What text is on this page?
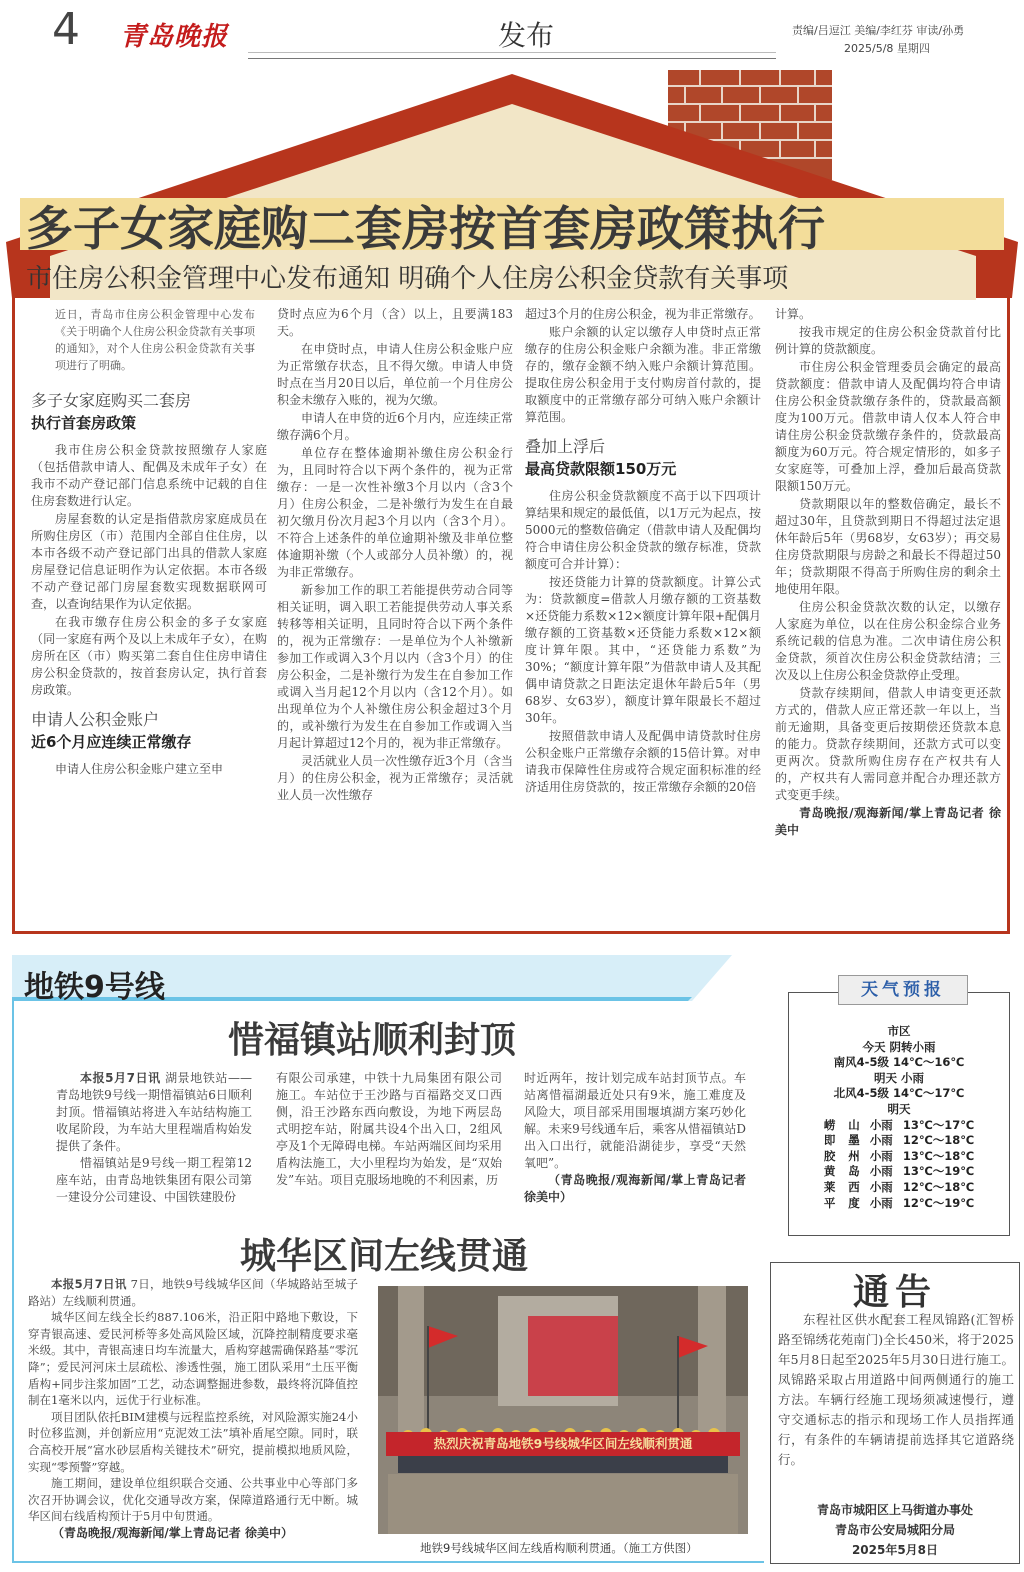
4 青岛晚报	发布	责编/吕逗江 美编/李红芬 审读/孙勇
2025/5/8 星期四
多子女家庭购二套房按首套房政策执行
市住房公积金管理中心发布通知 明确个人住房公积金贷款有关事项

近日，青岛市住房公积金管理中心发布《关于明确个人住房公积金贷款有关事项的通知》，对个人住房公积金贷款有关事项进行了明确。

多子女家庭购买二套房
执行首套房政策

我市住房公积金贷款按照缴存人家庭（包括借款申请人、配偶及未成年子女）在我市不动产登记部门信息系统中记载的自住住房套数进行认定。

房屋套数的认定是指借款房家庭成员在所购住房区（市）范围内全部自住住房，以本市各级不动产登记部门出具的借款人家庭房屋登记信息证明作为认定依据。本市各级不动产登记部门房屋套数实现数据联网可查，以查询结果作为认定依据。

在我市缴存住房公积金的多子女家庭（同一家庭有两个及以上未成年子女），在购房所在区（市）购买第二套自住住房申请住房公积金贷款的，按首套房认定，执行首套房政策。

申请人公积金账户
近6个月应连续正常缴存

申请人住房公积金账户建立至申

贷时点应为6个月（含）以上，且要满183天。

在申贷时点，申请人住房公积金账户应为正常缴存状态，且不得欠缴。申请人申贷时点在当月20日以后，单位前一个月住房公积金未缴存入账的，视为欠缴。

申请人在申贷的近6个月内，应连续正常缴存满6个月。

单位存在整体逾期补缴住房公积金行为，且同时符合以下两个条件的，视为正常缴存：一是一次性补缴3个月以内（含3个月）住房公积金，二是补缴行为发生在自最初欠缴月份次月起3个月以内（含3个月）。不符合上述条件的单位逾期补缴及非单位整体逾期补缴（个人或部分人员补缴）的，视为非正常缴存。

新参加工作的职工若能提供劳动合同等相关证明，调入职工若能提供劳动人事关系转移等相关证明，且同时符合以下两个条件的，视为正常缴存：一是单位为个人补缴新参加工作或调入3个月以内（含3个月）的住房公积金，二是补缴行为发生在自参加工作或调入当月起12个月以内（含12个月）。如出现单位为个人补缴住房公积金超过3个月的，或补缴行为发生在自参加工作或调入当月起计算超过12个月的，视为非正常缴存。

灵活就业人员一次性缴存近3个月（含当月）的住房公积金，视为正常缴存；灵活就业人员一次性缴存

超过3个月的住房公积金，视为非正常缴存。

账户余额的认定以缴存人申贷时点正常缴存的住房公积金账户余额为准。非正常缴存的，缴存金额不纳入账户余额计算范围。提取住房公积金用于支付购房首付款的，提取额度中的正常缴存部分可纳入账户余额计算范围。

叠加上浮后
最高贷款限额150万元

住房公积金贷款额度不高于以下四项计算结果和规定的最低值，以1万元为起点，按5000元的整数倍确定（借款申请人及配偶均符合申请住房公积金贷款的缴存标准，贷款额度可合并计算）：

按还贷能力计算的贷款额度。计算公式为：贷款额度=借款人月缴存额的工资基数×还贷能力系数×12×额度计算年限+配偶月缴存额的工资基数×还贷能力系数×12×额度计算年限。其中，“还贷能力系数”为30%；“额度计算年限”为借款申请人及其配偶申请贷款之日距法定退休年龄后5年（男68岁、女63岁），额度计算年限最长不超过30年。

按照借款申请人及配偶申请贷款时住房公积金账户正常缴存余额的15倍计算。对申请我市保障性住房或符合规定面积标准的经济适用住房贷款的，按正常缴存余额的20倍

计算。

按我市规定的住房公积金贷款首付比例计算的贷款额度。

市住房公积金管理委员会确定的最高贷款额度：借款申请人及配偶均符合申请住房公积金贷款缴存条件的，贷款最高额度为100万元。借款申请人仅本人符合申请住房公积金贷款缴存条件的，贷款最高额度为60万元。符合规定情形的，如多子女家庭等，可叠加上浮，叠加后最高贷款限额150万元。

贷款期限以年的整数倍确定，最长不超过30年，且贷款到期日不得超过法定退休年龄后5年（男68岁，女63岁）；再交易住房贷款期限与房龄之和最长不得超过50年；贷款期限不得高于所购住房的剩余土地使用年限。

住房公积金贷款次数的认定，以缴存人家庭为单位，以在住房公积金综合业务系统记载的信息为准。二次申请住房公积金贷款，须首次住房公积金贷款结清；三次及以上住房公积金贷款停止受理。

贷款存续期间，借款人申请变更还款方式的，借款人应正常还款一年以上，当前无逾期，具备变更后按期偿还贷款本息的能力。贷款存续期间，还款方式可以变更两次。贷款所购住房存在产权共有人的，产权共有人需同意并配合办理还款方式变更手续。

青岛晚报/观海新闻/掌上青岛记者 徐美中

地铁9号线
惜福镇站顺利封顶

本报5月7日讯 湖景地铁站——青岛地铁9号线一期惜福镇站6日顺利封顶。惜福镇站将进入车站结构施工收尾阶段，为车站大里程端盾构始发提供了条件。

惜福镇站是9号线一期工程第12座车站，由青岛地铁集团有限公司第一建设分公司建设、中国铁建股份

有限公司承建，中铁十九局集团有限公司施工。车站位于王沙路与百福路交叉口西侧，沿王沙路东西向敷设，为地下两层岛式明挖车站，附属共设4个出入口，2组风亭及1个无障碍电梯。车站两端区间均采用盾构法施工，大小里程均为始发，是“双始发”车站。项目克服场地晚的不利因素，历

时近两年，按计划完成车站封顶节点。车站离惜福湖最近处只有9米，施工难度及风险大，项目部采用围堰填湖方案巧妙化解。未来9号线通车后，乘客从惜福镇站D出入口出行，就能沿湖徒步，享受“天然氧吧”。

（青岛晚报/观海新闻/掌上青岛记者 徐美中）

城华区间左线贯通

本报5月7日讯 7日，地铁9号线城华区间（华城路站至城子路站）左线顺利贯通。

城华区间左线全长约887.106米，沿正阳中路地下敷设，下穿青银高速、爱民河桥等多处高风险区域，沉降控制精度要求毫米级。其中，青银高速日均车流量大，盾构穿越需确保路基“零沉降”；爱民河河床土层疏松、渗透性强，施工团队采用“土压平衡盾构+同步注浆加固”工艺，动态调整掘进参数，最终将沉降值控制在1毫米以内，远优于行业标准。

项目团队依托BIM建模与远程监控系统，对风险源实施24小时位移监测，并创新应用“克泥效工法”填补盾尾空隙。同时，联合高校开展“富水砂层盾构关键技术”研究，提前模拟地质风险，实现“零预警”穿越。

施工期间，建设单位组织联合交通、公共事业中心等部门多次召开协调会议，优化交通导改方案，保障道路通行无中断。城华区间右线盾构预计于5月中旬贯通。

（青岛晚报/观海新闻/掌上青岛记者 徐美中）

热烈庆祝青岛地铁9号线城华区间左线顺利贯通
地铁9号线城华区间左线盾构顺利贯通。（施工方供图）
天气预报
市区
今天 阴转小雨
南风4-5级 14℃～16℃
明天 小雨
北风4-5级 14℃～17℃
明天
崂山 小雨 13℃～17℃
即墨 小雨 12℃～18℃
胶州 小雨 13℃～18℃
黄岛 小雨 13℃～19℃
莱西 小雨 12℃～18℃
平度 小雨 12℃～19℃
通告
东程社区供水配套工程凤锦路(汇智桥路至锦绣花苑南门)全长450米，将于2025年5月8日起至2025年5月30日进行施工。凤锦路采取占用道路中间两侧通行的施工方法。车辆行经施工现场须减速慢行，遵守交通标志的指示和现场工作人员指挥通行，有条件的车辆请提前选择其它道路绕行。
青岛市城阳区上马街道办事处
青岛市公安局城阳分局
2025年5月8日
